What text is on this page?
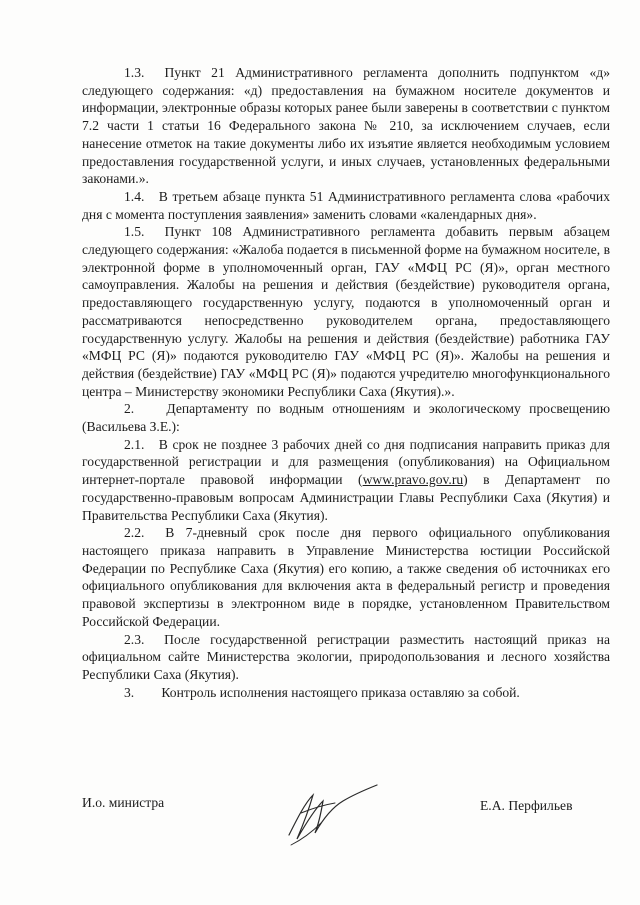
1.3. Пункт 21 Административного регламента дополнить подпунктом «д» следующего содержания: «д) предоставления на бумажном носителе документов и информации, электронные образы которых ранее были заверены в соответствии с пунктом 7.2 части 1 статьи 16 Федерального закона № 210, за исключением случаев, если нанесение отметок на такие документы либо их изъятие является необходимым условием предоставления государственной услуги, и иных случаев, установленных федеральными законами.».

1.4. В третьем абзаце пункта 51 Административного регламента слова «рабочих дня с момента поступления заявления» заменить словами «календарных дня».

1.5. Пункт 108 Административного регламента добавить первым абзацем следующего содержания: «Жалоба подается в письменной форме на бумажном носителе, в электронной форме в уполномоченный орган, ГАУ «МФЦ РС (Я)», орган местного самоуправления. Жалобы на решения и действия (бездействие) руководителя органа, предоставляющего государственную услугу, подаются в уполномоченный орган и рассматриваются непосредственно руководителем органа, предоставляющего государственную услугу. Жалобы на решения и действия (бездействие) работника ГАУ «МФЦ РС (Я)» подаются руководителю ГАУ «МФЦ РС (Я)». Жалобы на решения и действия (бездействие) ГАУ «МФЦ РС (Я)» подаются учредителю многофункционального центра – Министерству экономики Республики Саха (Якутия).».

2. Департаменту по водным отношениям и экологическому просвещению (Васильева З.Е.):

2.1. В срок не позднее 3 рабочих дней со дня подписания направить приказ для государственной регистрации и для размещения (опубликования) на Официальном интернет-портале правовой информации (www.pravo.gov.ru) в Департамент по государственно-правовым вопросам Администрации Главы Республики Саха (Якутия) и Правительства Республики Саха (Якутия).

2.2. В 7-дневный срок после дня первого официального опубликования настоящего приказа направить в Управление Министерства юстиции Российской Федерации по Республике Саха (Якутия) его копию, а также сведения об источниках его официального опубликования для включения акта в федеральный регистр и проведения правовой экспертизы в электронном виде в порядке, установленном Правительством Российской Федерации.

2.3. После государственной регистрации разместить настоящий приказ на официальном сайте Министерства экологии, природопользования и лесного хозяйства Республики Саха (Якутия).

3. Контроль исполнения настоящего приказа оставляю за собой.

И.о. министра	Е.А. Перфильев
